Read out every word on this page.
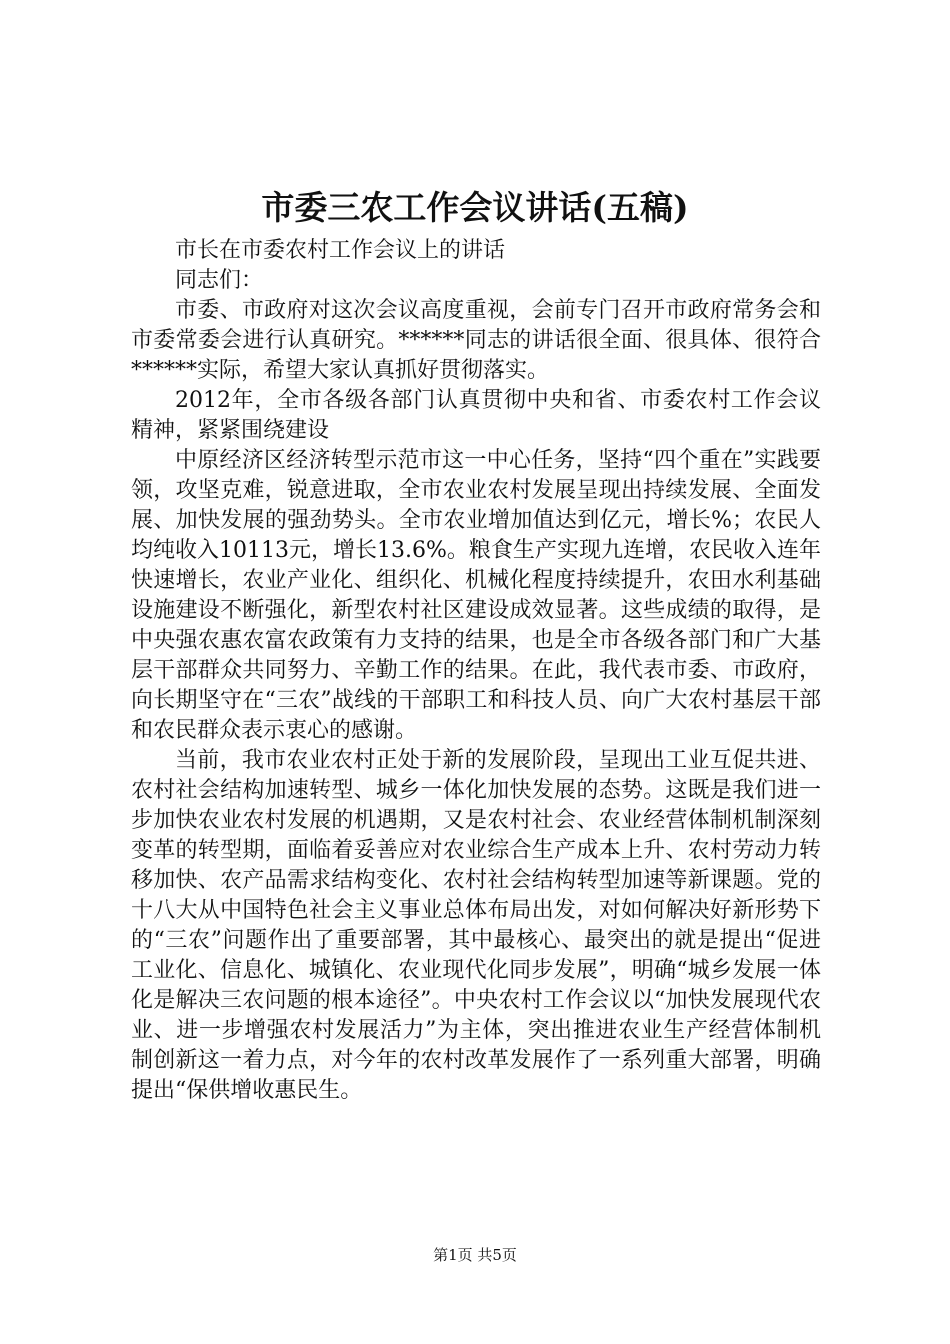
市委三农工作会议讲话(五稿)

市长在市委农村工作会议上的讲话

同志们：

市委、市政府对这次会议高度重视，会前专门召开市政府常务会和市委常委会进行认真研究。******同志的讲话很全面、很具体、很符合******实际，希望大家认真抓好贯彻落实。

2012年，全市各级各部门认真贯彻中央和省、市委农村工作会议精神，紧紧围绕建设

中原经济区经济转型示范市这一中心任务，坚持“四个重在”实践要领，攻坚克难，锐意进取，全市农业农村发展呈现出持续发展、全面发展、加快发展的强劲势头。全市农业增加值达到亿元，增长%；农民人均纯收入10113元，增长13.6%。粮食生产实现九连增，农民收入连年快速增长，农业产业化、组织化、机械化程度持续提升，农田水利基础设施建设不断强化，新型农村社区建设成效显著。这些成绩的取得，是中央强农惠农富农政策有力支持的结果，也是全市各级各部门和广大基层干部群众共同努力、辛勤工作的结果。在此，我代表市委、市政府，向长期坚守在“三农”战线的干部职工和科技人员、向广大农村基层干部和农民群众表示衷心的感谢。

当前，我市农业农村正处于新的发展阶段，呈现出工业互促共进、农村社会结构加速转型、城乡一体化加快发展的态势。这既是我们进一步加快农业农村发展的机遇期，又是农村社会、农业经营体制机制深刻变革的转型期，面临着妥善应对农业综合生产成本上升、农村劳动力转移加快、农产品需求结构变化、农村社会结构转型加速等新课题。党的十八大从中国特色社会主义事业总体布局出发，对如何解决好新形势下的“三农”问题作出了重要部署，其中最核心、最突出的就是提出“促进工业化、信息化、城镇化、农业现代化同步发展”，明确“城乡发展一体化是解决三农问题的根本途径”。中央农村工作会议以“加快发展现代农业、进一步增强农村发展活力”为主体，突出推进农业生产经营体制机制创新这一着力点，对今年的农村改革发展作了一系列重大部署，明确提出“保供增收惠民生。

第1页 共5页
